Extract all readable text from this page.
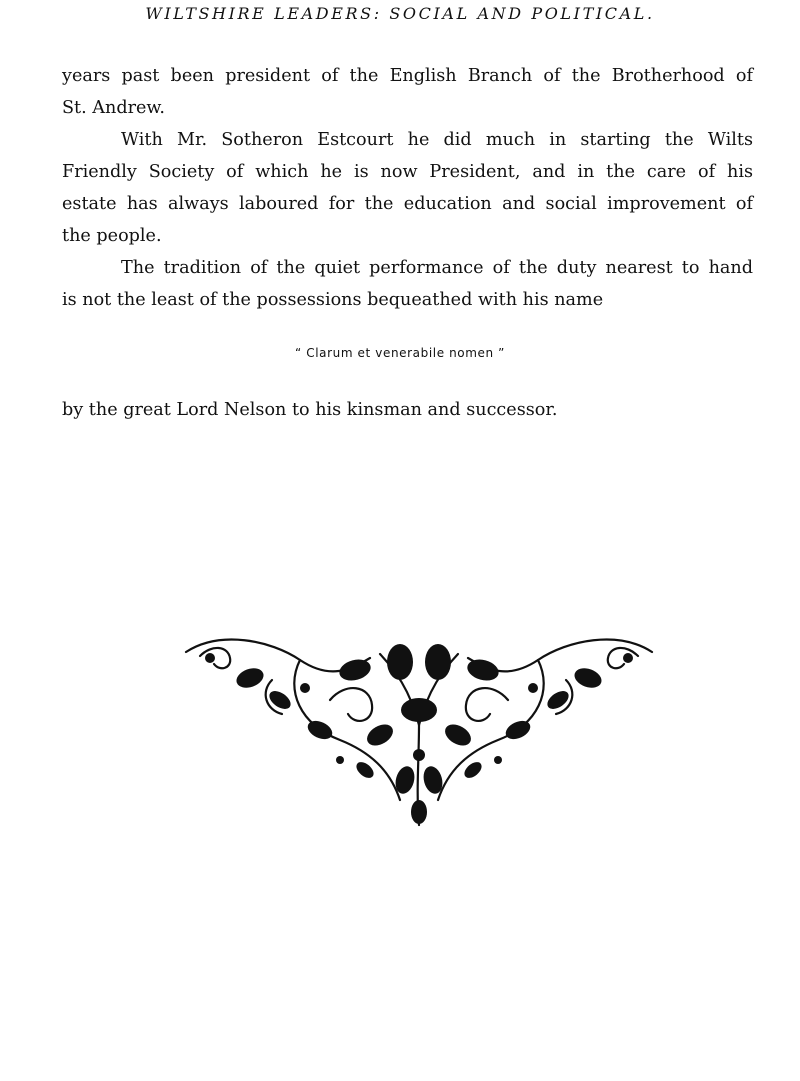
WILTSHIRE LEADERS: SOCIAL AND POLITICAL.
years past been president of the English Branch of the Brotherhood of
St. Andrew.
With Mr. Sotheron Estcourt he did much in starting the Wilts
Friendly Society of which he is now President, and in the care of his
estate has always laboured for the education and social improvement of
the people.
The tradition of the quiet performance of the duty nearest to hand
is not the least of the possessions bequeathed with his name
“ Clarum et venerabile nomen ”
by the great Lord Nelson to his kinsman and successor.
